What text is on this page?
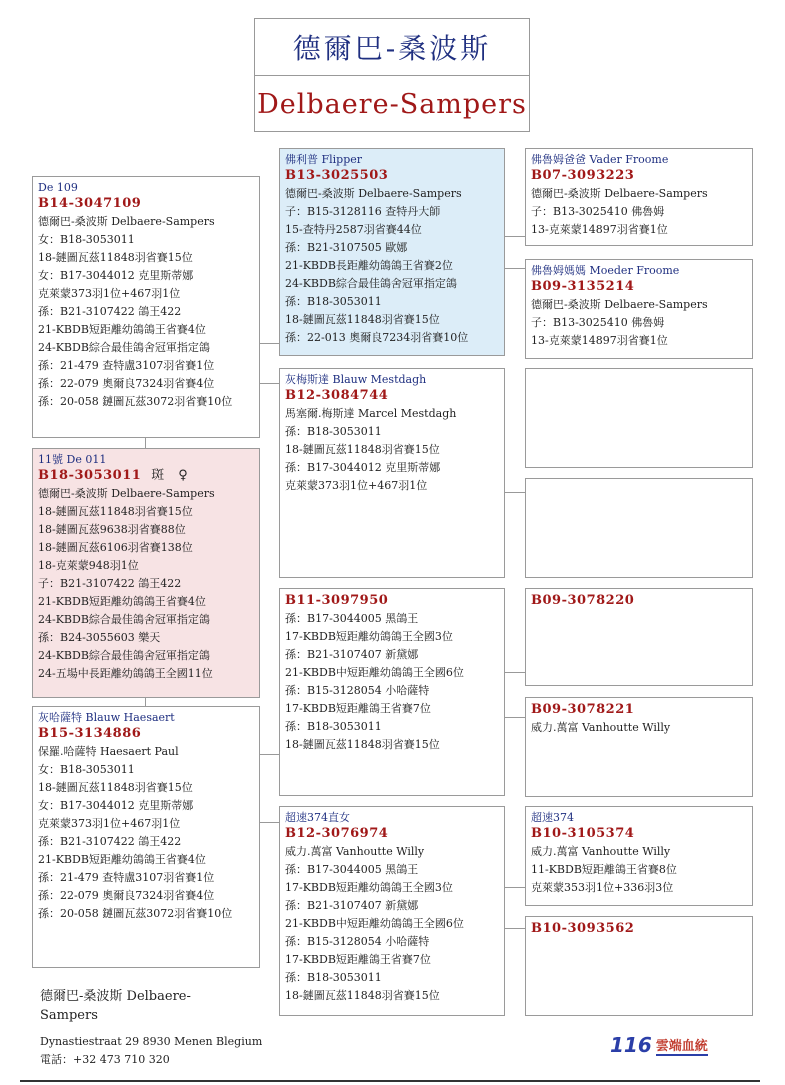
德爾巴-桑波斯
Delbaere-Sampers
De 109
B14-3047109
德爾巴-桑波斯 Delbaere-Sampers
女：B18-3053011
18-鏈圖瓦茲11848羽省賽15位
女：B17-3044012 克里斯蒂娜
克萊蒙373羽1位+467羽1位
孫：B21-3107422 鴿王422
21-KBDB短距離幼鴿鴿王省賽4位
24-KBDB綜合最佳鴿舍冠軍指定鴿
孫：21-479 查特盧3107羽省賽1位
孫：22-079 奧爾良7324羽省賽4位
孫：20-058 鏈圖瓦茲3072羽省賽10位
11號 De 011
B18-3053011 斑　♀
德爾巴-桑波斯 Delbaere-Sampers
18-鏈圖瓦茲11848羽省賽15位
18-鏈圖瓦茲9638羽省賽88位
18-鏈圖瓦茲6106羽省賽138位
18-克萊蒙948羽1位
子：B21-3107422 鴿王422
21-KBDB短距離幼鴿鴿王省賽4位
24-KBDB綜合最佳鴿舍冠軍指定鴿
孫：B24-3055603 樂天
24-KBDB綜合最佳鴿舍冠軍指定鴿
24-五場中長距離幼鴿鴿王全國11位
灰哈薩特 Blauw Haesaert
B15-3134886
保羅.哈薩特 Haesaert Paul
女：B18-3053011
18-鏈圖瓦茲11848羽省賽15位
女：B17-3044012 克里斯蒂娜
克萊蒙373羽1位+467羽1位
孫：B21-3107422 鴿王422
21-KBDB短距離幼鴿鴿王省賽4位
孫：21-479 查特盧3107羽省賽1位
孫：22-079 奧爾良7324羽省賽4位
孫：20-058 鏈圖瓦茲3072羽省賽10位
佛利普 Flipper
B13-3025503
德爾巴-桑波斯 Delbaere-Sampers
子：B15-3128116 查特丹大師
15-查特丹2587羽省賽44位
孫：B21-3107505 歐娜
21-KBDB長距離幼鴿鴿王省賽2位
24-KBDB綜合最佳鴿舍冠軍指定鴿
孫：B18-3053011
18-鏈圖瓦茲11848羽省賽15位
孫：22-013 奧爾良7234羽省賽10位
灰梅斯達 Blauw Mestdagh
B12-3084744
馬塞爾.梅斯達 Marcel Mestdagh
孫：B18-3053011
18-鏈圖瓦茲11848羽省賽15位
孫：B17-3044012 克里斯蒂娜
克萊蒙373羽1位+467羽1位
B11-3097950
孫：B17-3044005 黑鴿王
17-KBDB短距離幼鴿鴿王全國3位
孫：B21-3107407 新黛娜
21-KBDB中短距離幼鴿鴿王全國6位
孫：B15-3128054 小哈薩特
17-KBDB短距離鴿王省賽7位
孫：B18-3053011
18-鏈圖瓦茲11848羽省賽15位
超速374直女
B12-3076974
威力.萬富 Vanhoutte Willy
孫：B17-3044005 黑鴿王
17-KBDB短距離幼鴿鴿王全國3位
孫：B21-3107407 新黛娜
21-KBDB中短距離幼鴿鴿王全國6位
孫：B15-3128054 小哈薩特
17-KBDB短距離鴿王省賽7位
孫：B18-3053011
18-鏈圖瓦茲11848羽省賽15位
佛魯姆爸爸 Vader Froome
B07-3093223
德爾巴-桑波斯 Delbaere-Sampers
子：B13-3025410 佛魯姆
13-克萊蒙14897羽省賽1位
佛魯姆媽媽 Moeder Froome
B09-3135214
德爾巴-桑波斯 Delbaere-Sampers
子：B13-3025410 佛魯姆
13-克萊蒙14897羽省賽1位
B09-3078220
B09-3078221
威力.萬富 Vanhoutte Willy
超速374
B10-3105374
威力.萬富 Vanhoutte Willy
11-KBDB短距離鴿王省賽8位
克萊蒙353羽1位+336羽3位
B10-3093562
德爾巴-桑波斯 Delbaere-Sampers
Dynastiestraat 29 8930 Menen Blegium
電話：+32 473 710 320
116 雲端血統
